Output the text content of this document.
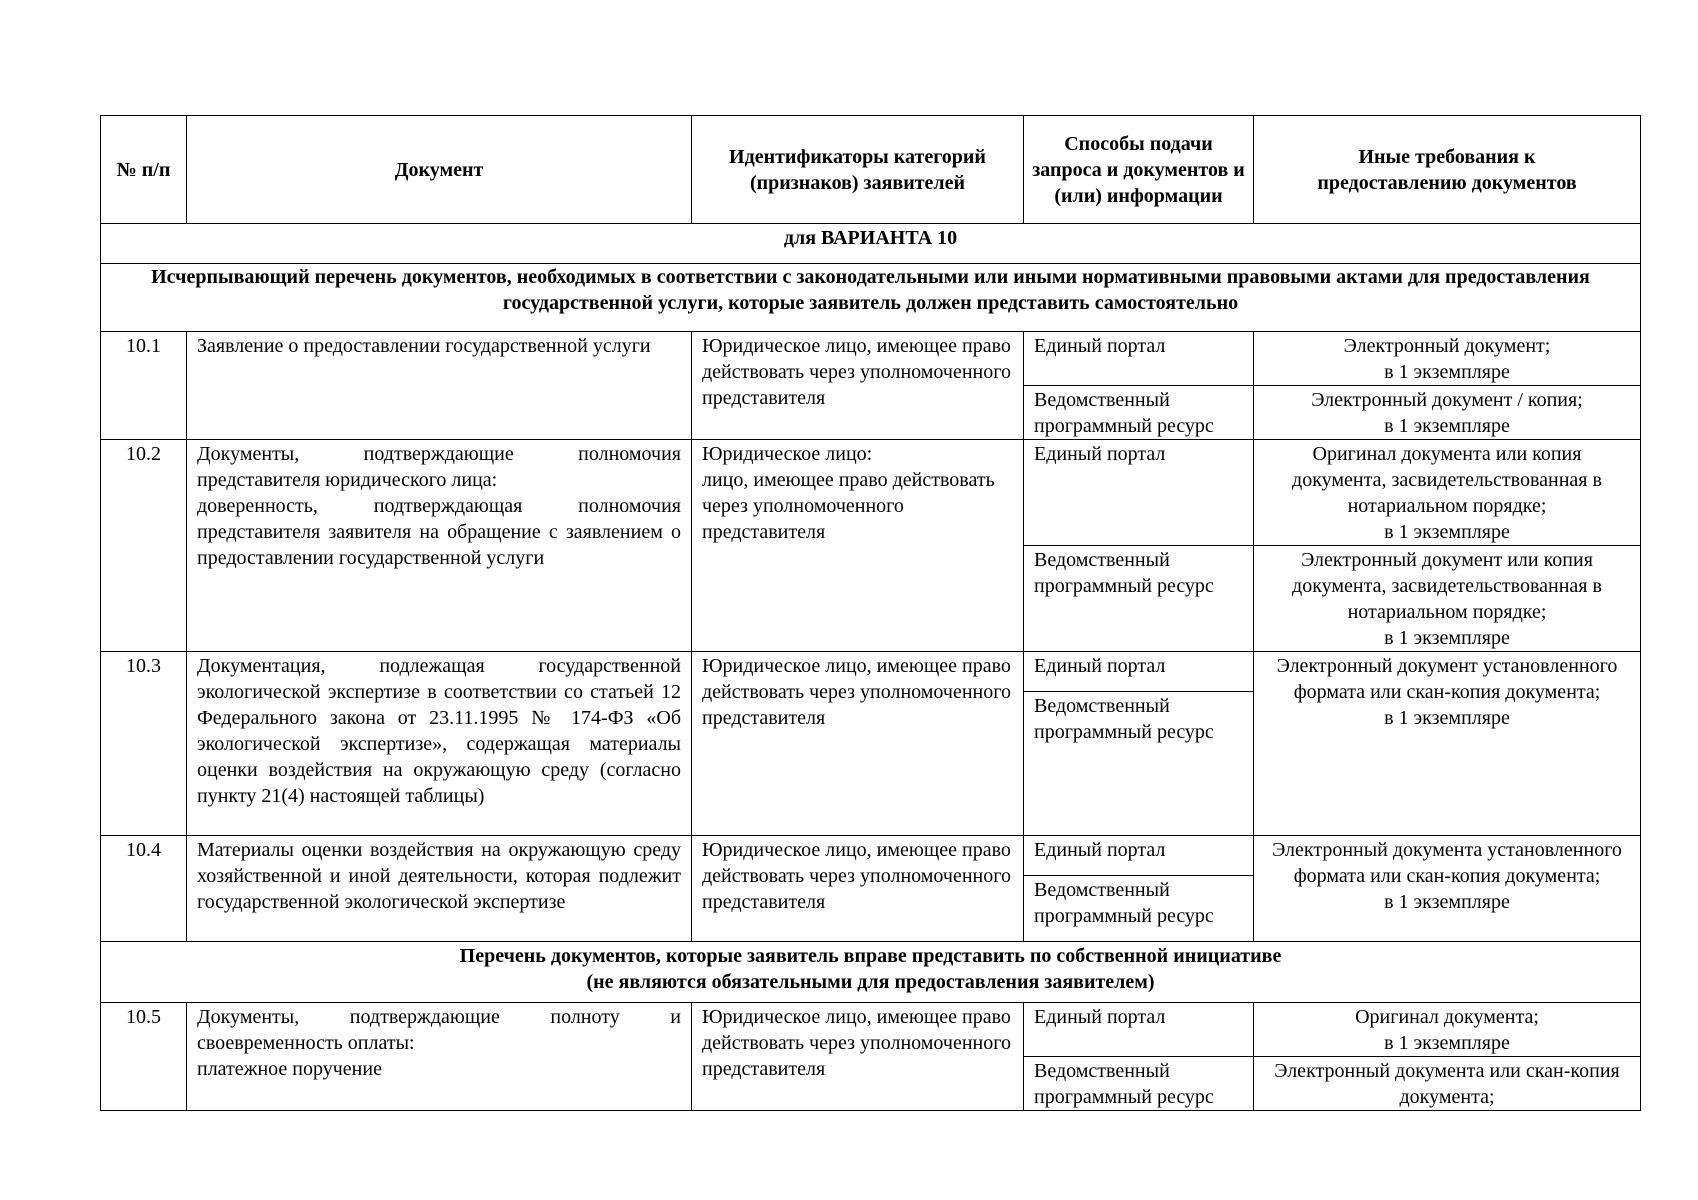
№ п/п	Документ	Идентификаторы категорий (признаков) заявителей	Способы подачи запроса и документов и (или) информации	Иные требования к предоставлению документов
для ВАРИАНТА 10				
Исчерпывающий перечень документов, необходимых в соответствии с законодательными или иными нормативными правовыми актами для предоставления государственной услуги, которые заявитель должен представить самостоятельно				
10.1	Заявление о предоставлении государственной услуги	Юридическое лицо, имеющее право действовать через уполномоченного представителя	Единый портал	Электронный документ;
в 1 экземпляре
			Ведомственный программный ресурс	Электронный документ / копия;
в 1 экземпляре
10.2	Документы, подтверждающие полномочия представителя юридического лица:
доверенность, подтверждающая полномочия представителя заявителя на обращение с заявлением о предоставлении государственной услуги	Юридическое лицо:
лицо, имеющее право действовать через уполномоченного представителя	Единый портал	Оригинал документа или копия документа, засвидетельствованная в нотариальном порядке;
в 1 экземпляре
			Ведомственный программный ресурс	Электронный документ или копия документа, засвидетельствованная в нотариальном порядке;
в 1 экземпляре
10.3	Документация, подлежащая государственной экологической экспертизе в соответствии со статьей 12 Федерального закона от 23.11.1995 № 174-ФЗ «Об экологической экспертизе», содержащая материалы оценки воздействия на окружающую среду (согласно пункту 21(4) настоящей таблицы)	Юридическое лицо, имеющее право действовать через уполномоченного представителя	Единый портал	Электронный документ установленного формата или скан-копия документа;
в 1 экземпляре
			Ведомственный программный ресурс	
10.4	Материалы оценки воздействия на окружающую среду хозяйственной и иной деятельности, которая подлежит государственной экологической экспертизе	Юридическое лицо, имеющее право действовать через уполномоченного представителя	Единый портал	Электронный документа установленного формата или скан-копия документа;
в 1 экземпляре
			Ведомственный программный ресурс	

Перечень документов, которые заявитель вправе представить по собственной инициативе
(не являются обязательными для предоставления заявителем)				

10.5	Документы, подтверждающие полноту и своевременность оплаты:
платежное поручение	Юридическое лицо, имеющее право действовать через уполномоченного представителя	Единый портал	Оригинал документа;
в 1 экземпляре
			Ведомственный программный ресурс	Электронный документа или скан-копия документа;
